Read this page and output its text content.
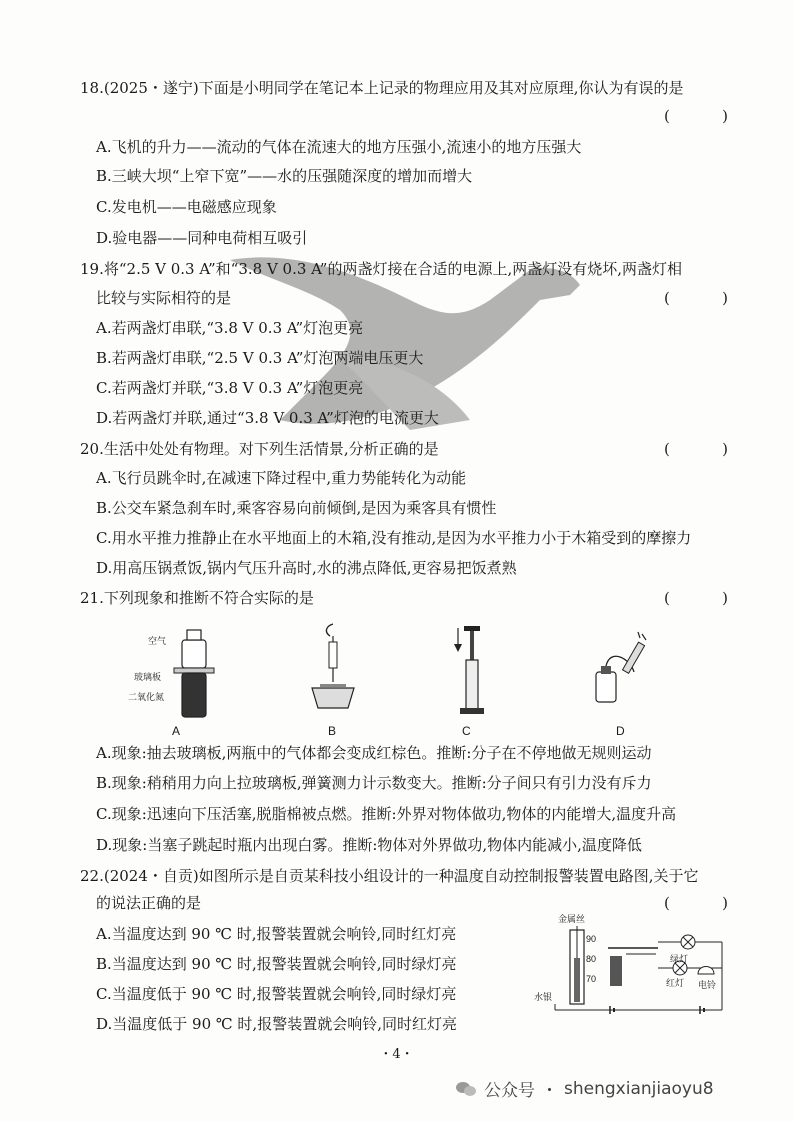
18.(2025・遂宁)下面是小明同学在笔记本上记录的物理应用及其对应原理,你认为有误的是
(	)
A.飞机的升力——流动的气体在流速大的地方压强小,流速小的地方压强大
B.三峡大坝“上窄下宽”——水的压强随深度的增加而增大
C.发电机——电磁感应现象
D.验电器——同种电荷相互吸引
19.将“2.5 V 0.3 A”和“3.8 V 0.3 A”的两盏灯接在合适的电源上,两盏灯没有烧坏,两盏灯相
比较与实际相符的是	(	)
A.若两盏灯串联,“3.8 V 0.3 A”灯泡更亮
B.若两盏灯串联,“2.5 V 0.3 A”灯泡两端电压更大
C.若两盏灯并联,“3.8 V 0.3 A”灯泡更亮
D.若两盏灯并联,通过“3.8 V 0.3 A”灯泡的电流更大
20.生活中处处有物理。对下列生活情景,分析正确的是	(	)
A.飞行员跳伞时,在减速下降过程中,重力势能转化为动能
B.公交车紧急刹车时,乘客容易向前倾倒,是因为乘客具有惯性
C.用水平推力推静止在水平地面上的木箱,没有推动,是因为水平推力小于木箱受到的摩擦力
D.用高压锅煮饭,锅内气压升高时,水的沸点降低,更容易把饭煮熟
21.下列现象和推断不符合实际的是	(	)
空气
玻璃板
二氧化氮
A	B	C	D
A.现象:抽去玻璃板,两瓶中的气体都会变成红棕色。推断:分子在不停地做无规则运动
B.现象:稍稍用力向上拉玻璃板,弹簧测力计示数变大。推断:分子间只有引力没有斥力
C.现象:迅速向下压活塞,脱脂棉被点燃。推断:外界对物体做功,物体的内能增大,温度升高
D.现象:当塞子跳起时瓶内出现白雾。推断:物体对外界做功,物体内能减小,温度降低
22.(2024・自贡)如图所示是自贡某科技小组设计的一种温度自动控制报警装置电路图,关于它
的说法正确的是	(	)
A.当温度达到 90 ℃ 时,报警装置就会响铃,同时红灯亮
B.当温度达到 90 ℃ 时,报警装置就会响铃,同时绿灯亮
C.当温度低于 90 ℃ 时,报警装置就会响铃,同时绿灯亮
D.当温度低于 90 ℃ 时,报警装置就会响铃,同时红灯亮
金属丝
水银
90
80
70
绿灯
红灯 电铃
・4・
公众号 ・ shengxianjiaoyu8
